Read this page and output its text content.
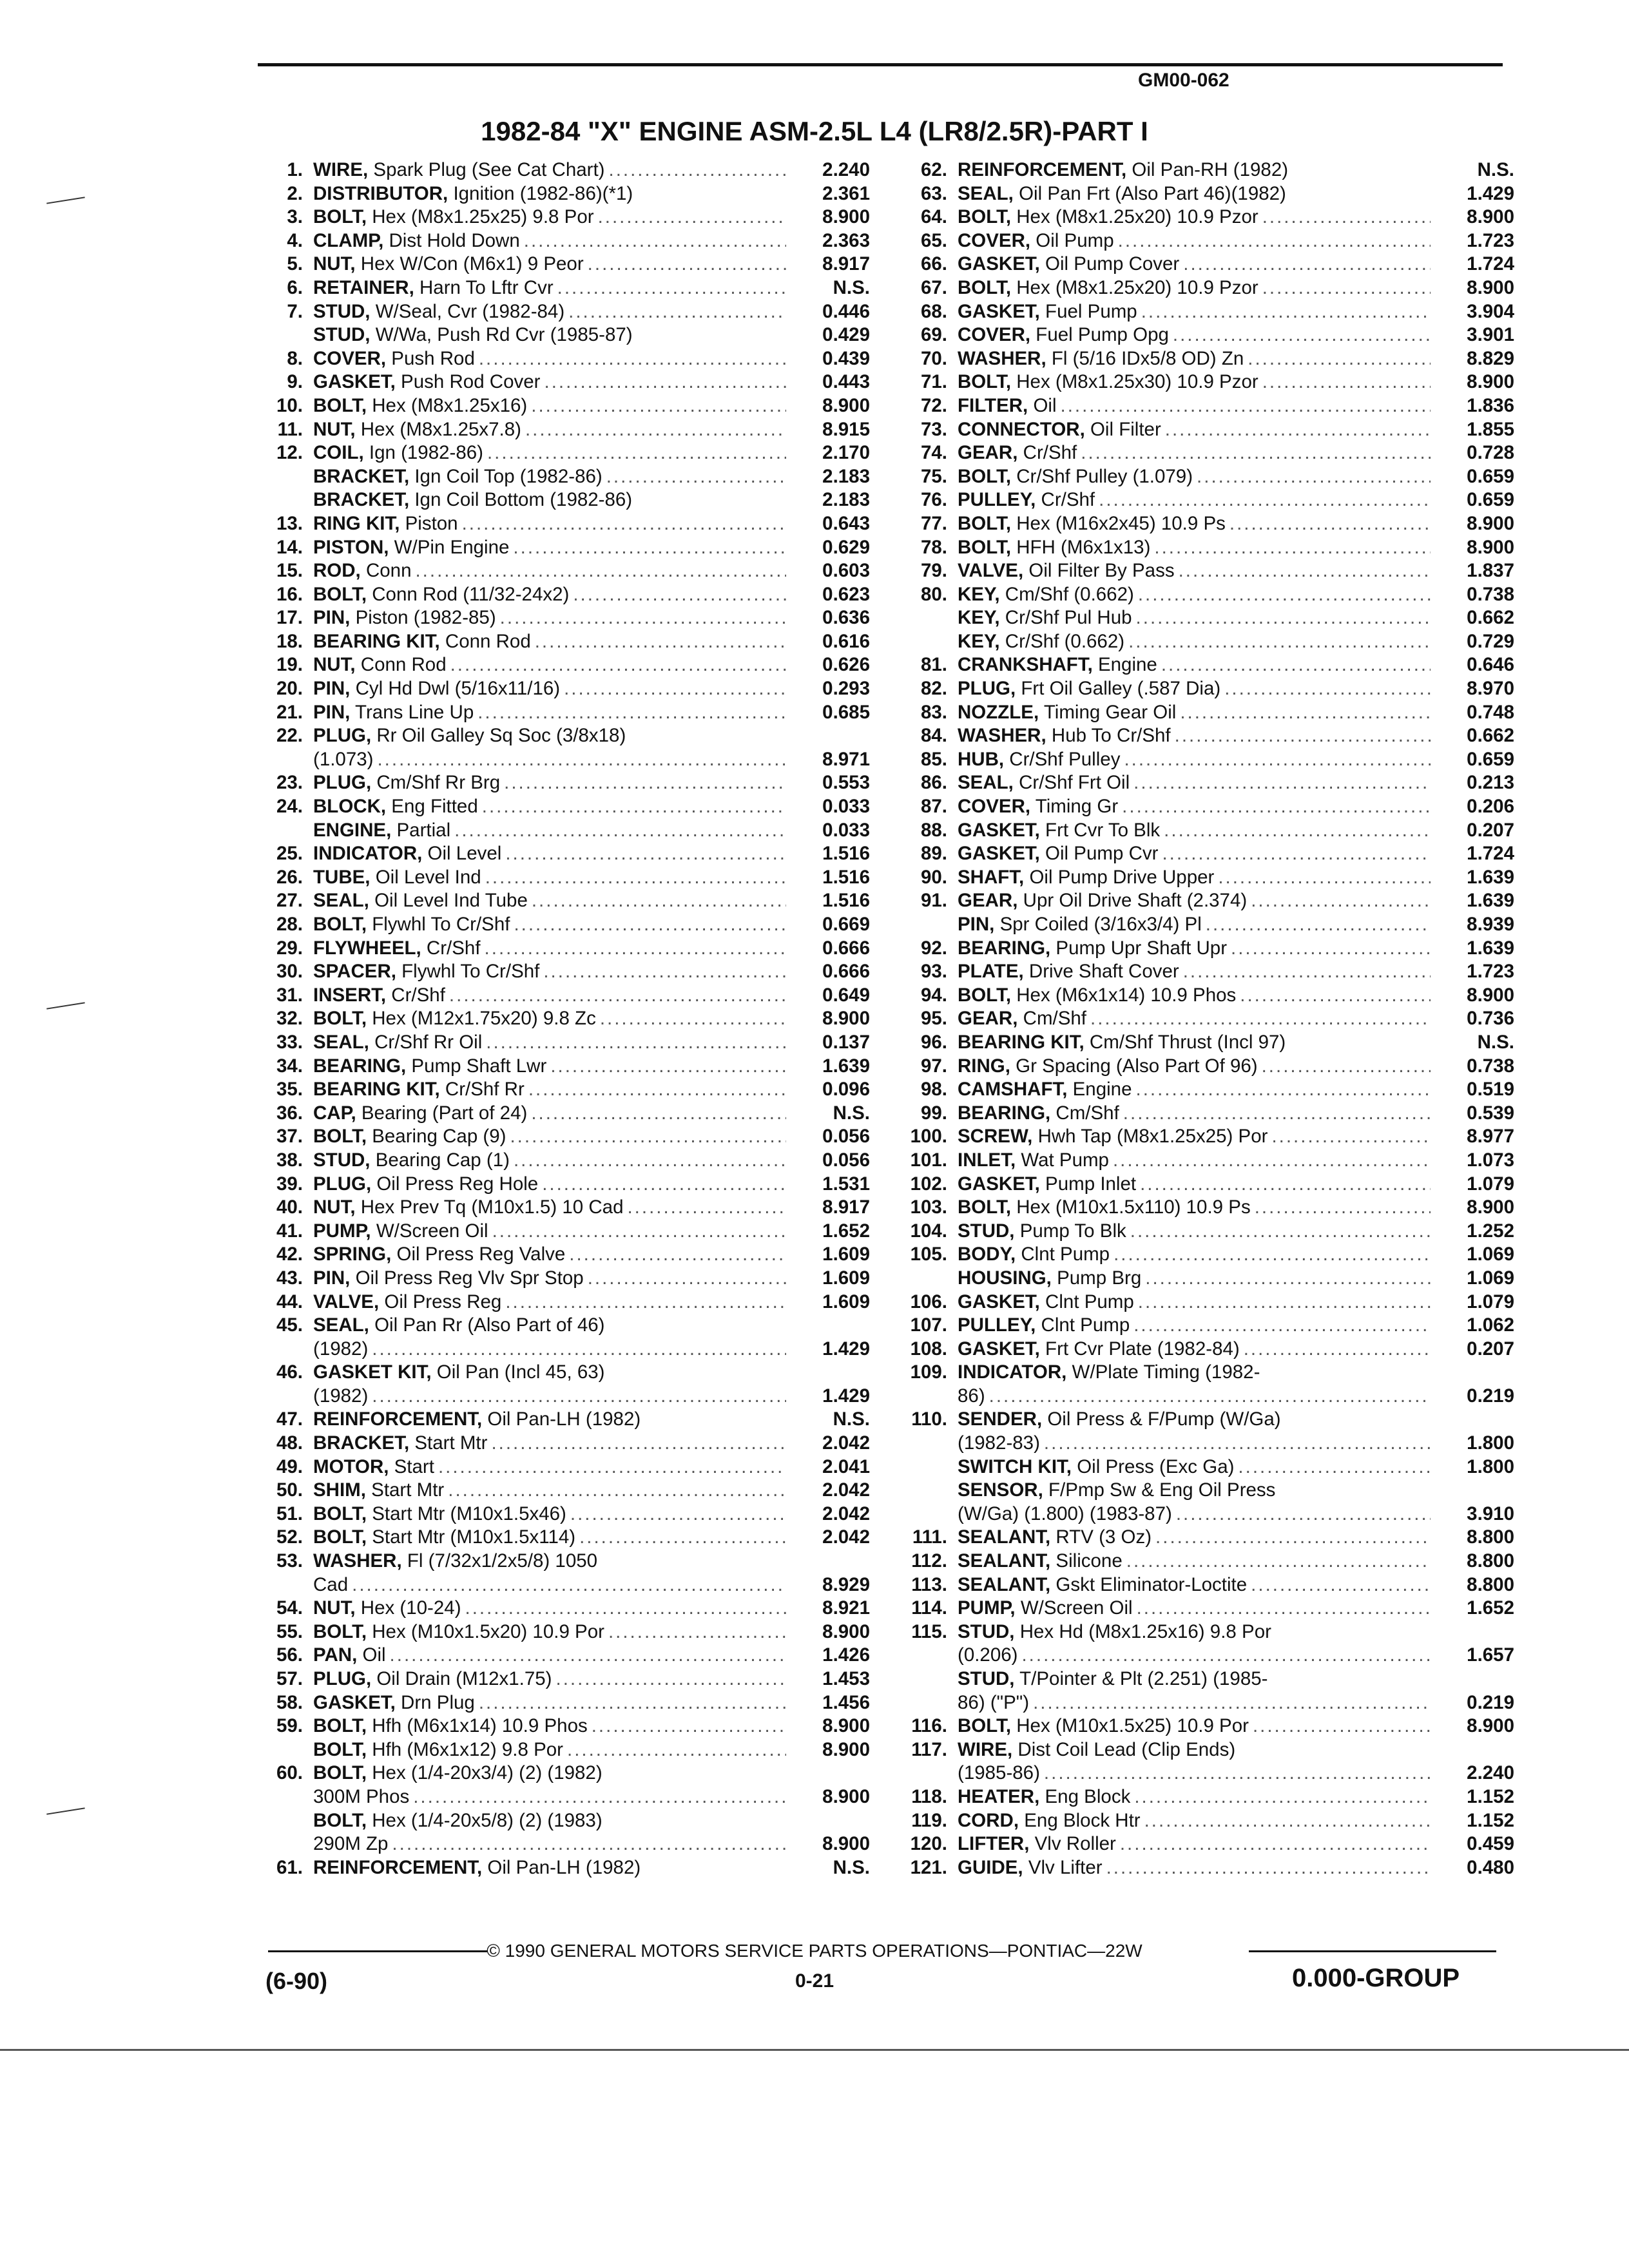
GM00-062
1982-84 "X" ENGINE ASM-2.5L L4 (LR8/2.5R)-PART I
1. WIRE, Spark Plug (See Cat Chart) .....	2.240
2. DISTRIBUTOR, Ignition (1982-86)(*1)	2.361
3. BOLT, Hex (M8x1.25x25) 9.8 Por .....	8.900
4. CLAMP, Dist Hold Down .....	2.363
5. NUT, Hex W/Con (M6x1) 9 Peor .....	8.917
6. RETAINER, Harn To Lftr Cvr .....	N.S.
7. STUD, W/Seal, Cvr (1982-84) .....	0.446
STUD, W/Wa, Push Rd Cvr (1985-87)	0.429
8. COVER, Push Rod .....	0.439
9. GASKET, Push Rod Cover .....	0.443
10. BOLT, Hex (M8x1.25x16) .....	8.900
11. NUT, Hex (M8x1.25x7.8) .....	8.915
12. COIL, Ign (1982-86) .....	2.170
BRACKET, Ign Coil Top (1982-86) .....	2.183
BRACKET, Ign Coil Bottom (1982-86)	2.183
13. RING KIT, Piston .....	0.643
14. PISTON, W/Pin Engine .....	0.629
15. ROD, Conn .....	0.603
16. BOLT, Conn Rod (11/32-24x2) .....	0.623
17. PIN, Piston (1982-85) .....	0.636
18. BEARING KIT, Conn Rod .....	0.616
19. NUT, Conn Rod .....	0.626
20. PIN, Cyl Hd Dwl (5/16x11/16) .....	0.293
21. PIN, Trans Line Up .....	0.685
22. PLUG, Rr Oil Galley Sq Soc (3/8x18)
(1.073) .....	8.971
23. PLUG, Cm/Shf Rr Brg .....	0.553
24. BLOCK, Eng Fitted .....	0.033
ENGINE, Partial .....	0.033
25. INDICATOR, Oil Level .....	1.516
26. TUBE, Oil Level Ind .....	1.516
27. SEAL, Oil Level Ind Tube .....	1.516
28. BOLT, Flywhl To Cr/Shf .....	0.669
29. FLYWHEEL, Cr/Shf .....	0.666
30. SPACER, Flywhl To Cr/Shf .....	0.666
31. INSERT, Cr/Shf .....	0.649
32. BOLT, Hex (M12x1.75x20) 9.8 Zc .....	8.900
33. SEAL, Cr/Shf Rr Oil .....	0.137
34. BEARING, Pump Shaft Lwr .....	1.639
35. BEARING KIT, Cr/Shf Rr .....	0.096
36. CAP, Bearing (Part of 24) .....	N.S.
37. BOLT, Bearing Cap (9) .....	0.056
38. STUD, Bearing Cap (1) .....	0.056
39. PLUG, Oil Press Reg Hole .....	1.531
40. NUT, Hex Prev Tq (M10x1.5) 10 Cad .....	8.917
41. PUMP, W/Screen Oil .....	1.652
42. SPRING, Oil Press Reg Valve .....	1.609
43. PIN, Oil Press Reg Vlv Spr Stop .....	1.609
44. VALVE, Oil Press Reg .....	1.609
45. SEAL, Oil Pan Rr (Also Part of 46)
(1982) .....	1.429
46. GASKET KIT, Oil Pan (Incl 45, 63)
(1982) .....	1.429
47. REINFORCEMENT, Oil Pan-LH (1982)	N.S.
48. BRACKET, Start Mtr .....	2.042
49. MOTOR, Start .....	2.041
50. SHIM, Start Mtr .....	2.042
51. BOLT, Start Mtr (M10x1.5x46) .....	2.042
52. BOLT, Start Mtr (M10x1.5x114) .....	2.042
53. WASHER, Fl (7/32x1/2x5/8) 1050
Cad .....	8.929
54. NUT, Hex (10-24) .....	8.921
55. BOLT, Hex (M10x1.5x20) 10.9 Por .....	8.900
56. PAN, Oil .....	1.426
57. PLUG, Oil Drain (M12x1.75) .....	1.453
58. GASKET, Drn Plug .....	1.456
59. BOLT, Hfh (M6x1x14) 10.9 Phos .....	8.900
BOLT, Hfh (M6x1x12) 9.8 Por .....	8.900
60. BOLT, Hex (1/4-20x3/4) (2) (1982)
300M Phos .....	8.900
BOLT, Hex (1/4-20x5/8) (2) (1983)
290M Zp .....	8.900
61. REINFORCEMENT, Oil Pan-LH (1982)	N.S.
62. REINFORCEMENT, Oil Pan-RH (1982)	N.S.
63. SEAL, Oil Pan Frt (Also Part 46)(1982)	1.429
64. BOLT, Hex (M8x1.25x20) 10.9 Pzor .....	8.900
65. COVER, Oil Pump .....	1.723
66. GASKET, Oil Pump Cover .....	1.724
67. BOLT, Hex (M8x1.25x20) 10.9 Pzor .....	8.900
68. GASKET, Fuel Pump .....	3.904
69. COVER, Fuel Pump Opg .....	3.901
70. WASHER, Fl (5/16 IDx5/8 OD) Zn .....	8.829
71. BOLT, Hex (M8x1.25x30) 10.9 Pzor .....	8.900
72. FILTER, Oil .....	1.836
73. CONNECTOR, Oil Filter .....	1.855
74. GEAR, Cr/Shf .....	0.728
75. BOLT, Cr/Shf Pulley (1.079) .....	0.659
76. PULLEY, Cr/Shf .....	0.659
77. BOLT, Hex (M16x2x45) 10.9 Ps .....	8.900
78. BOLT, HFH (M6x1x13) .....	8.900
79. VALVE, Oil Filter By Pass .....	1.837
80. KEY, Cm/Shf (0.662) .....	0.738
KEY, Cr/Shf Pul Hub .....	0.662
KEY, Cr/Shf (0.662) .....	0.729
81. CRANKSHAFT, Engine .....	0.646
82. PLUG, Frt Oil Galley (.587 Dia) .....	8.970
83. NOZZLE, Timing Gear Oil .....	0.748
84. WASHER, Hub To Cr/Shf .....	0.662
85. HUB, Cr/Shf Pulley .....	0.659
86. SEAL, Cr/Shf Frt Oil .....	0.213
87. COVER, Timing Gr .....	0.206
88. GASKET, Frt Cvr To Blk .....	0.207
89. GASKET, Oil Pump Cvr .....	1.724
90. SHAFT, Oil Pump Drive Upper .....	1.639
91. GEAR, Upr Oil Drive Shaft (2.374) .....	1.639
PIN, Spr Coiled (3/16x3/4) Pl .....	8.939
92. BEARING, Pump Upr Shaft Upr .....	1.639
93. PLATE, Drive Shaft Cover .....	1.723
94. BOLT, Hex (M6x1x14) 10.9 Phos .....	8.900
95. GEAR, Cm/Shf .....	0.736
96. BEARING KIT, Cm/Shf Thrust (Incl 97)	N.S.
97. RING, Gr Spacing (Also Part Of 96) .....	0.738
98. CAMSHAFT, Engine .....	0.519
99. BEARING, Cm/Shf .....	0.539
100. SCREW, Hwh Tap (M8x1.25x25) Por .....	8.977
101. INLET, Wat Pump .....	1.073
102. GASKET, Pump Inlet .....	1.079
103. BOLT, Hex (M10x1.5x110) 10.9 Ps .....	8.900
104. STUD, Pump To Blk .....	1.252
105. BODY, Clnt Pump .....	1.069
HOUSING, Pump Brg .....	1.069
106. GASKET, Clnt Pump .....	1.079
107. PULLEY, Clnt Pump .....	1.062
108. GASKET, Frt Cvr Plate (1982-84) .....	0.207
109. INDICATOR, W/Plate Timing (1982-
86) .....	0.219
110. SENDER, Oil Press & F/Pump (W/Ga)
(1982-83) .....	1.800
SWITCH KIT, Oil Press (Exc Ga) .....	1.800
SENSOR, F/Pmp Sw & Eng Oil Press
(W/Ga) (1.800) (1983-87) .....	3.910
111. SEALANT, RTV (3 Oz) .....	8.800
112. SEALANT, Silicone .....	8.800
113. SEALANT, Gskt Eliminator-Loctite .....	8.800
114. PUMP, W/Screen Oil .....	1.652
115. STUD, Hex Hd (M8x1.25x16) 9.8 Por
(0.206) .....	1.657
STUD, T/Pointer & Plt (2.251) (1985-
86) ("P") .....	0.219
116. BOLT, Hex (M10x1.5x25) 10.9 Por .....	8.900
117. WIRE, Dist Coil Lead (Clip Ends)
(1985-86) .....	2.240
118. HEATER, Eng Block .....	1.152
119. CORD, Eng Block Htr .....	1.152
120. LIFTER, Vlv Roller .....	0.459
121. GUIDE, Vlv Lifter .....	0.480
© 1990 GENERAL MOTORS SERVICE PARTS OPERATIONS—PONTIAC—22W
(6-90)	0-21	0.000-GROUP
